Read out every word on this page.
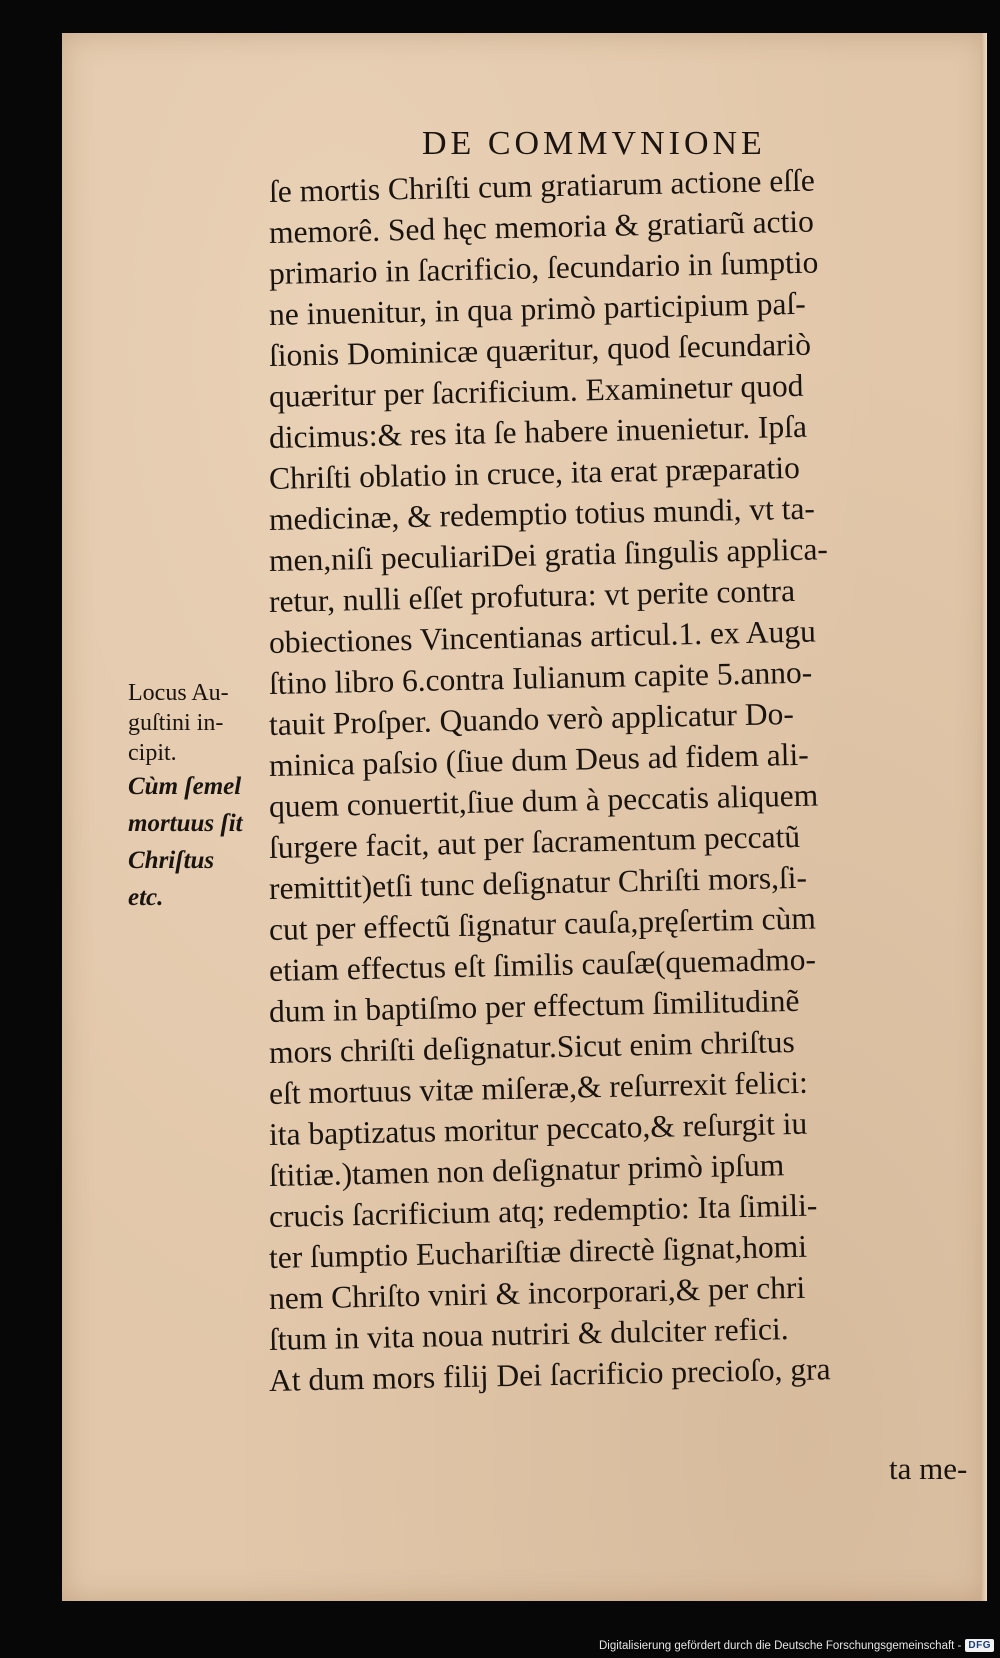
DE COMMVNIONE
ſe mortis Chriſti cum gratiarum actione eſſe
memorê. Sed hęc memoria & gratiarũ actio
primario in ſacrificio, ſecundario in ſumptio
ne inuenitur, in qua primò participium paſ-
ſionis Dominicæ quæritur, quod ſecundariò
quæritur per ſacrificium. Examinetur quod
dicimus:& res ita ſe habere inuenietur. Ipſa
Chriſti oblatio in cruce, ita erat præparatio
medicinæ, & redemptio totius mundi, vt ta-
men,niſi peculiariDei gratia ſingulis applica-
retur, nulli eſſet profutura: vt perite contra
obiectiones Vincentianas articul.1. ex Augu
ſtino libro 6.contra Iulianum capite 5.anno-
tauit Proſper. Quando verò applicatur Do-
minica paſsio (ſiue dum Deus ad fidem ali-
quem conuertit,ſiue dum à peccatis aliquem
ſurgere facit, aut per ſacramentum peccatũ
remittit)etſi tunc deſignatur Chriſti mors,ſi-
cut per effectũ ſignatur cauſa,pręſertim cùm
etiam effectus eſt ſimilis cauſæ(quemadmo-
dum in baptiſmo per effectum ſimilitudinẽ
mors chriſti deſignatur.Sicut enim chriſtus
eſt mortuus vitæ miſeræ,& reſurrexit felici:
ita baptizatus moritur peccato,& reſurgit iu
ſtitiæ.)tamen non deſignatur primò ipſum
crucis ſacrificium atq; redemptio: Ita ſimili-
ter ſumptio Euchariſtiæ directè ſignat,homi
nem Chriſto vniri & incorporari,& per chri
ſtum in vita noua nutriri & dulciter refici.
At dum mors filij Dei ſacrificio precioſo, gra
ta me-
Locus Au-
guſtini in-
cipit.
Cùm ſemel
mortuus ſit
Chriſtus
etc.
Digitalisierung gefördert durch die Deutsche Forschungsgemeinschaft - DFG
